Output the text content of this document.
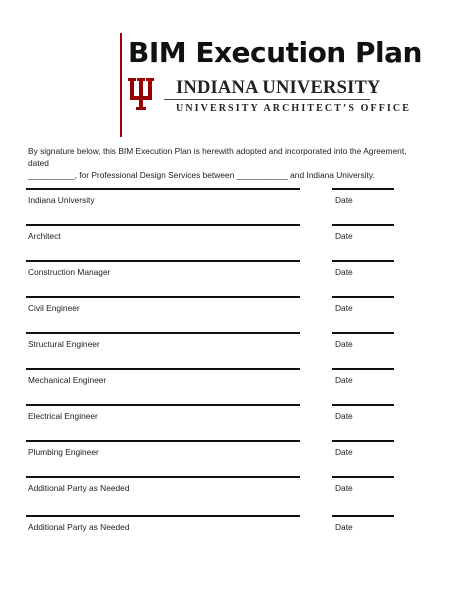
BIM Execution Plan
INDIANA UNIVERSITY
UNIVERSITY ARCHITECT’S OFFICE
By signature below, this BIM Execution Plan is herewith adopted and incorporated into the Agreement, dated
__________, for Professional Design Services between ___________ and Indiana University.
Indiana University	Date
Architect	Date
Construction Manager	Date
Civil Engineer	Date
Structural Engineer	Date
Mechanical Engineer	Date
Electrical Engineer	Date
Plumbing Engineer	Date
Additional Party as Needed	Date
Additional Party as Needed	Date
